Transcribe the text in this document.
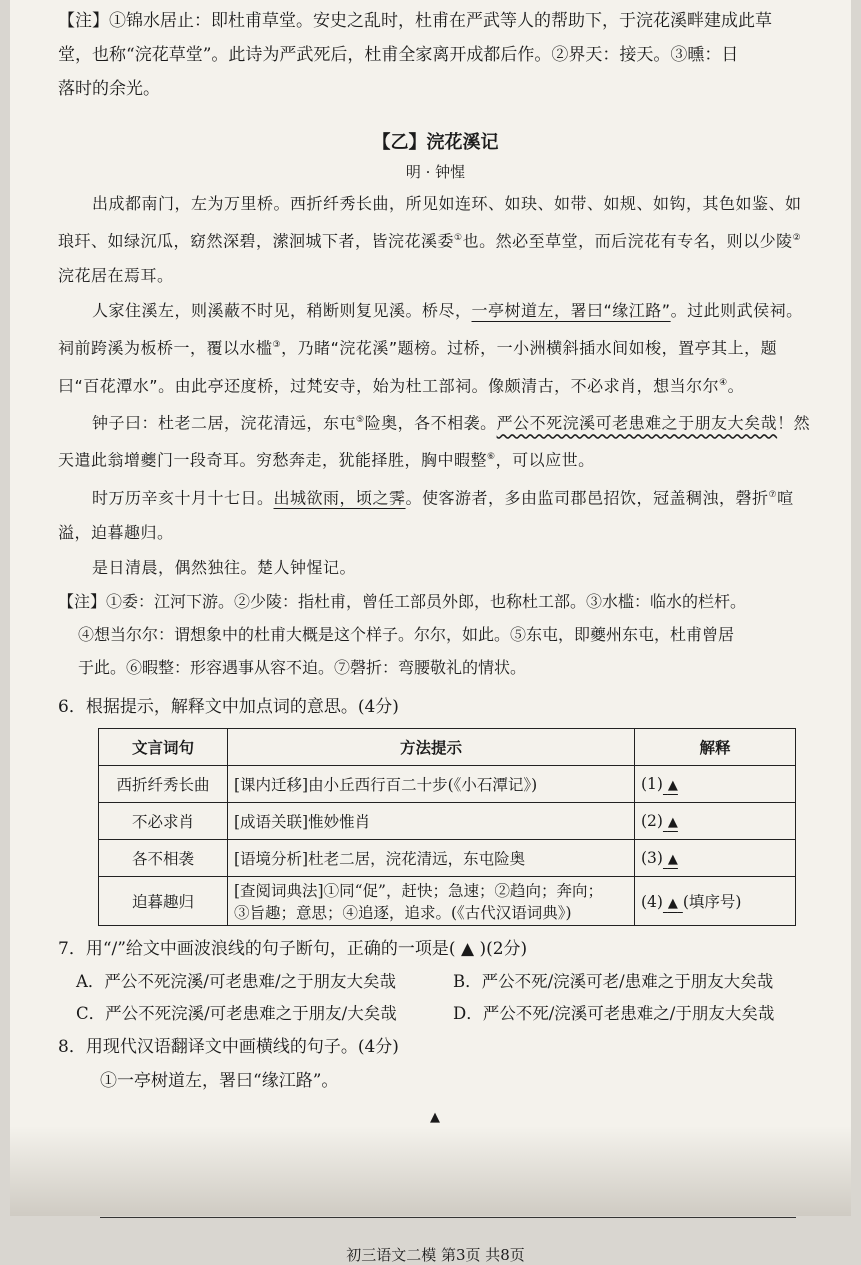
【注】①锦水居止：即杜甫草堂。安史之乱时，杜甫在严武等人的帮助下，于浣花溪畔建成此草
堂，也称“浣花草堂”。此诗为严武死后，杜甫全家离开成都后作。②界天：接天。③曛：日
落时的余光。

【乙】浣花溪记
明 · 钟惺

出成都南门，左为万里桥。西折纤秀长曲，所见如连环、如玦、如带、如规、如钩，其色如鉴、如琅玕、如绿沉瓜，窈然深碧，潆洄城下者，皆浣花溪委①也。然必至草堂，而后浣花有专名，则以少陵②浣花居在焉耳。

人家住溪左，则溪蔽不时见，稍断则复见溪。桥尽，一亭树道左，署曰“缘江路”。过此则武侯祠。祠前跨溪为板桥一，覆以水槛③，乃睹“浣花溪”题榜。过桥，一小洲横斜插水间如梭，置亭其上，题曰“百花潭水”。由此亭还度桥，过梵安寺，始为杜工部祠。像颇清古，不必求肖，想当尔尔④。

钟子曰：杜老二居，浣花清远，东屯⑤险奥，各不相袭。严公不死浣溪可老患难之于朋友大矣哉！然天遣此翁增夔门一段奇耳。穷愁奔走，犹能择胜，胸中暇整⑥，可以应世。

时万历辛亥十月十七日。出城欲雨，顷之霁。使客游者，多由监司郡邑招饮，冠盖稠浊，磬折⑦喧溢，迫暮趣归。

是日清晨，偶然独往。楚人钟惺记。

【注】①委：江河下游。②少陵：指杜甫，曾任工部员外郎，也称杜工部。③水槛：临水的栏杆。

④想当尔尔：谓想象中的杜甫大概是这个样子。尔尔，如此。⑤东屯，即夔州东屯，杜甫曾居

于此。⑥暇整：形容遇事从容不迫。⑦磬折：弯腰敬礼的情状。

6．根据提示，解释文中加点词的意思。(4分)

文言词句	方法提示	解释
西折纤秀长曲	[课内迁移]由小丘西行百二十步(《小石潭记》)	(1) ▲
不必求肖	[成语关联]惟妙惟肖	(2) ▲
各不相袭	[语境分析]杜老二居，浣花清远，东屯险奥	(3) ▲
迫暮趣归	[查阅词典法]①同“促”，赶快；急速；②趋向；奔向；
③旨趣；意思；④追逐，追求。(《古代汉语词典》)	(4) ▲ (填序号)

7．用“/”给文中画波浪线的句子断句，正确的一项是( ▲ )(2分)

A．严公不死浣溪/可老患难/之于朋友大矣哉	B．严公不死/浣溪可老/患难之于朋友大矣哉
C．严公不死浣溪/可老患难之于朋友/大矣哉	D．严公不死/浣溪可老患难之/于朋友大矣哉

8．用现代汉语翻译文中画横线的句子。(4分)

①一亭树道左，署曰“缘江路”。

▲

初三语文二模 第3页 共8页
